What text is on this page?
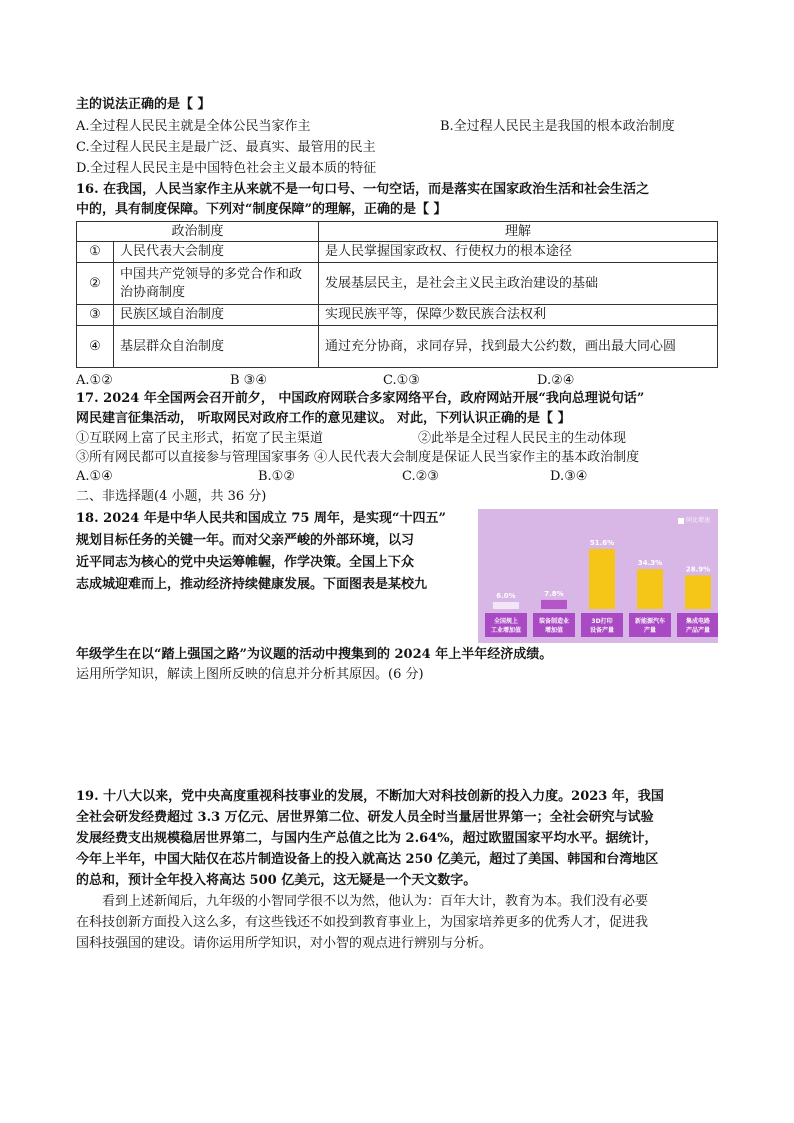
主的说法正确的是【 】
A.全过程人民民主就是全体公民当家作主	B.全过程人民民主是我国的根本政治制度
C.全过程人民民主是最广泛、最真实、最管用的民主
D.全过程人民民主是中国特色社会主义最本质的特征
16. 在我国，人民当家作主从来就不是一句口号、一句空话，而是落实在国家政治生活和社会生活之
中的，具有制度保障。下列对“制度保障”的理解，正确的是【 】
政治制度		理解
①	人民代表大会制度	是人民掌握国家政权、行使权力的根本途径
②	中国共产党领导的多党合作和政治协商制度	发展基层民主，是社会主义民主政治建设的基础
③	民族区域自治制度	实现民族平等，保障少数民族合法权利
④	基层群众自治制度	通过充分协商，求同存异，找到最大公约数，画出最大同心圆
A.①②	B ③④	C.①③	D.②④
17. 2024 年全国两会召开前夕， 中国政府网联合多家网络平台，政府网站开展“我向总理说句话”
网民建言征集活动， 听取网民对政府工作的意见建议。 对此，下列认识正确的是【 】
①互联网上富了民主形式，拓宽了民主渠道	②此举是全过程人民民主的生动体现
③所有网民都可以直接参与管理国家事务 ④人民代表大会制度是保证人民当家作主的基本政治制度
A.①④	B.①②	C.②③	D.③④
二、非选择题(4 小题，共 36 分)
18. 2024 年是中华人民共和国成立 75 周年，是实现“十四五”
规划目标任务的关键一年。而对父亲严峻的外部环境，以习
近平同志为核心的党中央运筹帷幄，作学决策。全国上下众
志成城迎难而上，推动经济持续健康发展。下面图表是某校九
同比增速
6.0%
全国规上
工业增加值
7.8%
装备制造业
增加值
51.6%
3D打印
设备产量
34.3%
新能源汽车
产量
28.9%
集成电路
产品产量
年级学生在以“踏上强国之路”为议题的活动中搜集到的 2024 年上半年经济成绩。
运用所学知识，解读上图所反映的信息并分析其原因。(6 分)
19. 十八大以来，党中央高度重视科技事业的发展，不断加大对科技创新的投入力度。2023 年，我国
全社会研发经费超过 3.3 万亿元、居世界第二位、研发人员全时当量居世界第一；全社会研究与试验
发展经费支出规模稳居世界第二，与国内生产总值之比为 2.64%，超过欧盟国家平均水平。据统计，
今年上半年，中国大陆仅在芯片制造设备上的投入就高达 250 亿美元，超过了美国、韩国和台湾地区
的总和，预计全年投入将高达 500 亿美元，这无疑是一个天文数字。
看到上述新闻后，九年级的小智同学很不以为然，他认为：百年大计，教育为本。我们没有必要
在科技创新方面投入这么多，有这些钱还不如投到教育事业上，为国家培养更多的优秀人才，促进我
国科技强国的建设。请你运用所学知识，对小智的观点进行辨别与分析。
